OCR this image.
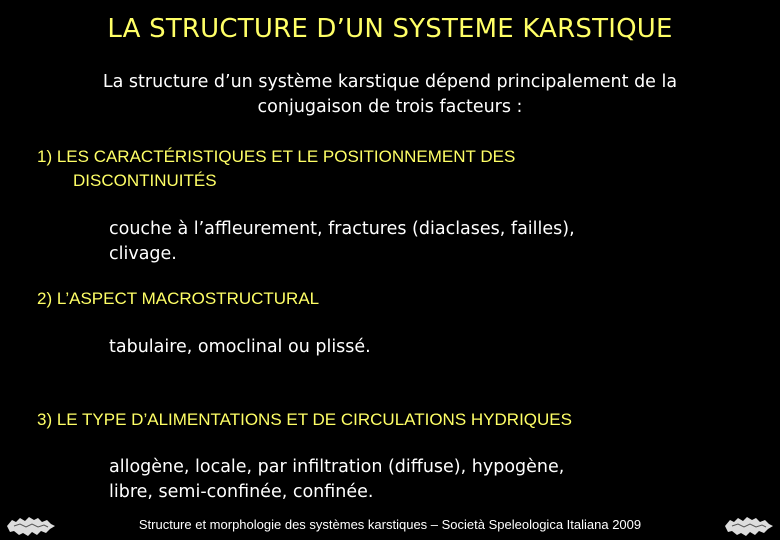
LA STRUCTURE D’UN SYSTEME KARSTIQUE
La structure d’un système karstique dépend principalement de la
conjugaison de trois facteurs :
1) LES CARACTÉRISTIQUES ET LE POSITIONNEMENT DES
DISCONTINUITÉS
couche à l’affleurement, fractures (diaclases, failles),
clivage.
2) L’ASPECT MACROSTRUCTURAL
tabulaire, omoclinal ou plissé.
3) LE TYPE D’ALIMENTATIONS ET DE CIRCULATIONS HYDRIQUES
allogène, locale, par infiltration (diffuse), hypogène,
libre, semi-confinée, confinée.
Structure et morphologie des systèmes karstiques – Società Speleologica Italiana 2009
